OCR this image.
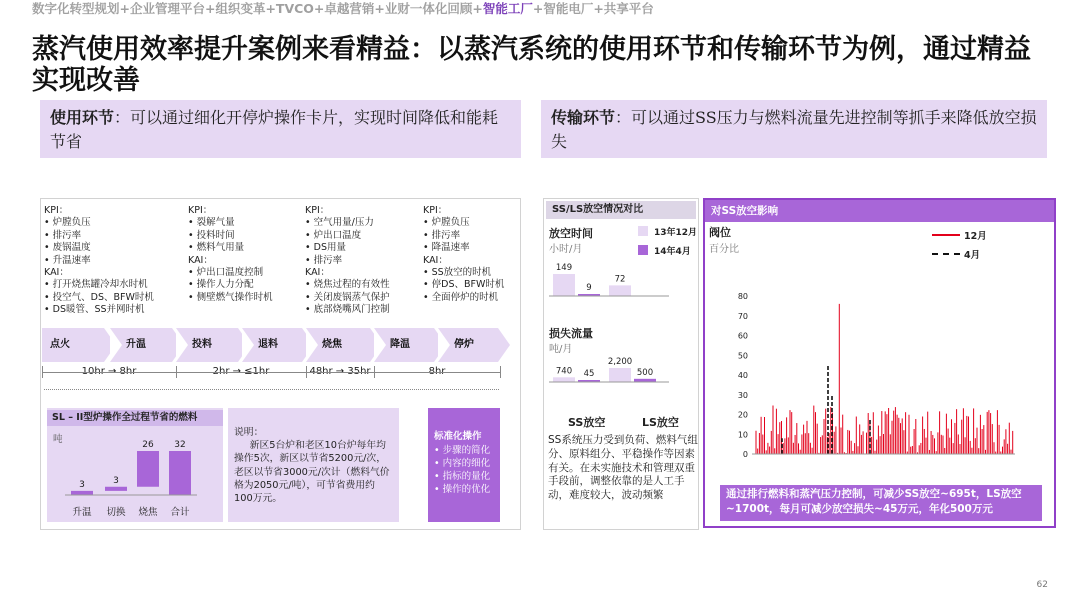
数字化转型规划+企业管理平台+组织变革+TVCO+卓越营销+业财一体化回顾+智能工厂+智能电厂+共享平台
蒸汽使用效率提升案例来看精益：以蒸汽系统的使用环节和传输环节为例，通过精益实现改善
使用环节：可以通过细化开停炉操作卡片，实现时间降低和能耗节省
传输环节：可以通过SS压力与燃料流量先进控制等抓手来降低放空损失
KPI：
• 炉膛负压
• 排污率
• 废锅温度
• 升温速率
KAI：
• 打开烧焦罐冷却水时机
• 投空气、DS、BFW时机
• DS暖管、SS并网时机
KPI：
• 裂解气量
• 投料时间
• 燃料气用量
KAI：
• 炉出口温度控制
• 操作人力分配
• 侧壁燃气操作时机
KPI：
• 空气用量/压力
• 炉出口温度
• DS用量
• 排污率
KAI：
• 烧焦过程的有效性
• 关闭废锅蒸气保护
• 底部烧嘴风门控制
KPI：
• 炉膛负压
• 排污率
• 降温速率
KAI：
• SS放空的时机
• 停DS、BFW时机
• 全面停炉的时机
点火	升温	投料	退料	烧焦	降温	停炉
10hr → 8hr	2hr → ≤1hr	48hr → 35hr	8hr
SL – II型炉操作全过程节省的燃料
吨
3
升温
3
切换
26
烧焦
32
合计
说明：
新区5台炉和老区10台炉每年均操作5次，新区以节省5200元/次，老区以节省3000元/次计（燃料气价格为2050元/吨），可节省费用约100万元。
标准化操作
• 步骤的简化
• 内容的细化
• 指标的量化
• 操作的优化
SS/LS放空情况对比
放空时间
小时/月
13年12月
14年4月
149
9
72
损失流量
吨/月
740 45
2,200
500
SS放空	LS放空
SS系统压力受到负荷、燃料气组分、原料组分、平稳操作等因素有关。在未实施技术和管理双重手段前，调整依靠的是人工手动，难度较大，波动频繁
对SS放空影响
阀位
百分比
12月
4月
80
70
60
50
40
30
20
10
0
通过排行燃料和蒸汽压力控制，可减少SS放空~695t，LS放空~1700t，每月可减少放空损失~45万元，年化500万元
62
